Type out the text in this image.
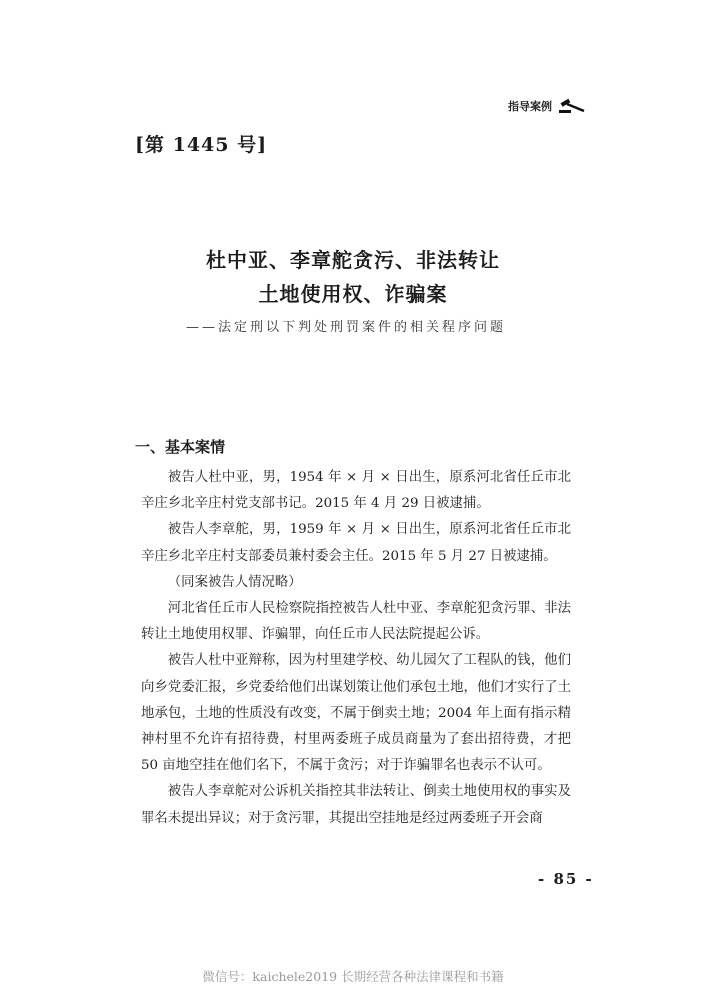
指导案例
[第 1445 号]
杜中亚、李章舵贪污、非法转让
土地使用权、诈骗案
——法定刑以下判处刑罚案件的相关程序问题
一、基本案情

被告人杜中亚，男，1954 年 × 月 × 日出生，原系河北省任丘市北辛庄乡北辛庄村党支部书记。2015 年 4 月 29 日被逮捕。

被告人李章舵，男，1959 年 × 月 × 日出生，原系河北省任丘市北辛庄乡北辛庄村支部委员兼村委会主任。2015 年 5 月 27 日被逮捕。

（同案被告人情况略）

河北省任丘市人民检察院指控被告人杜中亚、李章舵犯贪污罪、非法转让土地使用权罪、诈骗罪，向任丘市人民法院提起公诉。

被告人杜中亚辩称，因为村里建学校、幼儿园欠了工程队的钱，他们向乡党委汇报，乡党委给他们出谋划策让他们承包土地，他们才实行了土地承包，土地的性质没有改变，不属于倒卖土地；2004 年上面有指示精神村里不允许有招待费，村里两委班子成员商量为了套出招待费，才把 50 亩地空挂在他们名下，不属于贪污；对于诈骗罪名也表示不认可。

被告人李章舵对公诉机关指控其非法转让、倒卖土地使用权的事实及罪名未提出异议；对于贪污罪，其提出空挂地是经过两委班子开会商

- 85 -
微信号：kaichele2019 长期经营各种法律课程和书籍
